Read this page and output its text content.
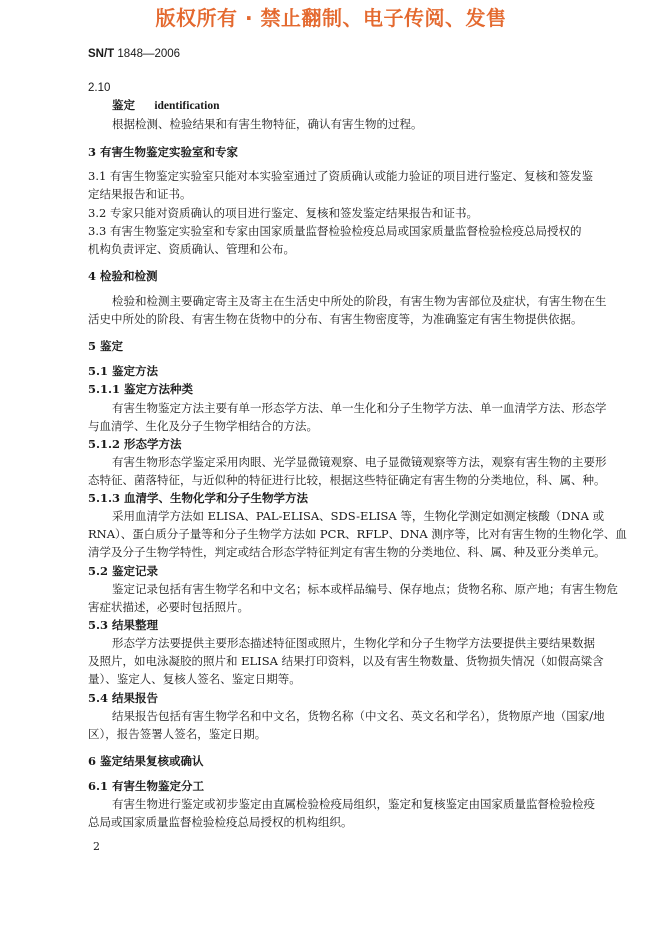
版权所有 · 禁止翻制、电子传阅、发售
SN/T 1848—2006
2.10
鉴定 identification
根据检测、检验结果和有害生物特征，确认有害生物的过程。
3 有害生物鉴定实验室和专家
3.1 有害生物鉴定实验室只能对本实验室通过了资质确认或能力验证的项目进行鉴定、复核和签发鉴
定结果报告和证书。
3.2 专家只能对资质确认的项目进行鉴定、复核和签发鉴定结果报告和证书。
3.3 有害生物鉴定实验室和专家由国家质量监督检验检疫总局或国家质量监督检验检疫总局授权的
机构负责评定、资质确认、管理和公布。
4 检验和检测
检验和检测主要确定寄主及寄主在生活史中所处的阶段，有害生物为害部位及症状，有害生物在生
活史中所处的阶段、有害生物在货物中的分布、有害生物密度等，为准确鉴定有害生物提供依据。
5 鉴定
5.1 鉴定方法
5.1.1 鉴定方法种类
有害生物鉴定方法主要有单一形态学方法、单一生化和分子生物学方法、单一血清学方法、形态学
与血清学、生化及分子生物学相结合的方法。
5.1.2 形态学方法
有害生物形态学鉴定采用肉眼、光学显微镜观察、电子显微镜观察等方法，观察有害生物的主要形
态特征、菌落特征，与近似种的特征进行比较，根据这些特征确定有害生物的分类地位，科、属、种。
5.1.3 血清学、生物化学和分子生物学方法
采用血清学方法如 ELISA、PAL-ELISA、SDS-ELISA 等，生物化学测定如测定核酸（DNA 或
RNA）、蛋白质分子量等和分子生物学方法如 PCR、RFLP、DNA 测序等，比对有害生物的生物化学、血
清学及分子生物学特性，判定或结合形态学特征判定有害生物的分类地位、科、属、种及亚分类单元。
5.2 鉴定记录
鉴定记录包括有害生物学名和中文名；标本或样品编号、保存地点；货物名称、原产地；有害生物危
害症状描述，必要时包括照片。
5.3 结果整理
形态学方法要提供主要形态描述特征图或照片，生物化学和分子生物学方法要提供主要结果数据
及照片，如电泳凝胶的照片和 ELISA 结果打印资料，以及有害生物数量、货物损失情况（如假高粱含
量）、鉴定人、复核人签名、鉴定日期等。
5.4 结果报告
结果报告包括有害生物学名和中文名，货物名称（中文名、英文名和学名），货物原产地（国家/地
区），报告签署人签名，鉴定日期。
6 鉴定结果复核或确认
6.1 有害生物鉴定分工
有害生物进行鉴定或初步鉴定由直属检验检疫局组织，鉴定和复核鉴定由国家质量监督检验检疫
总局或国家质量监督检验检疫总局授权的机构组织。
2
